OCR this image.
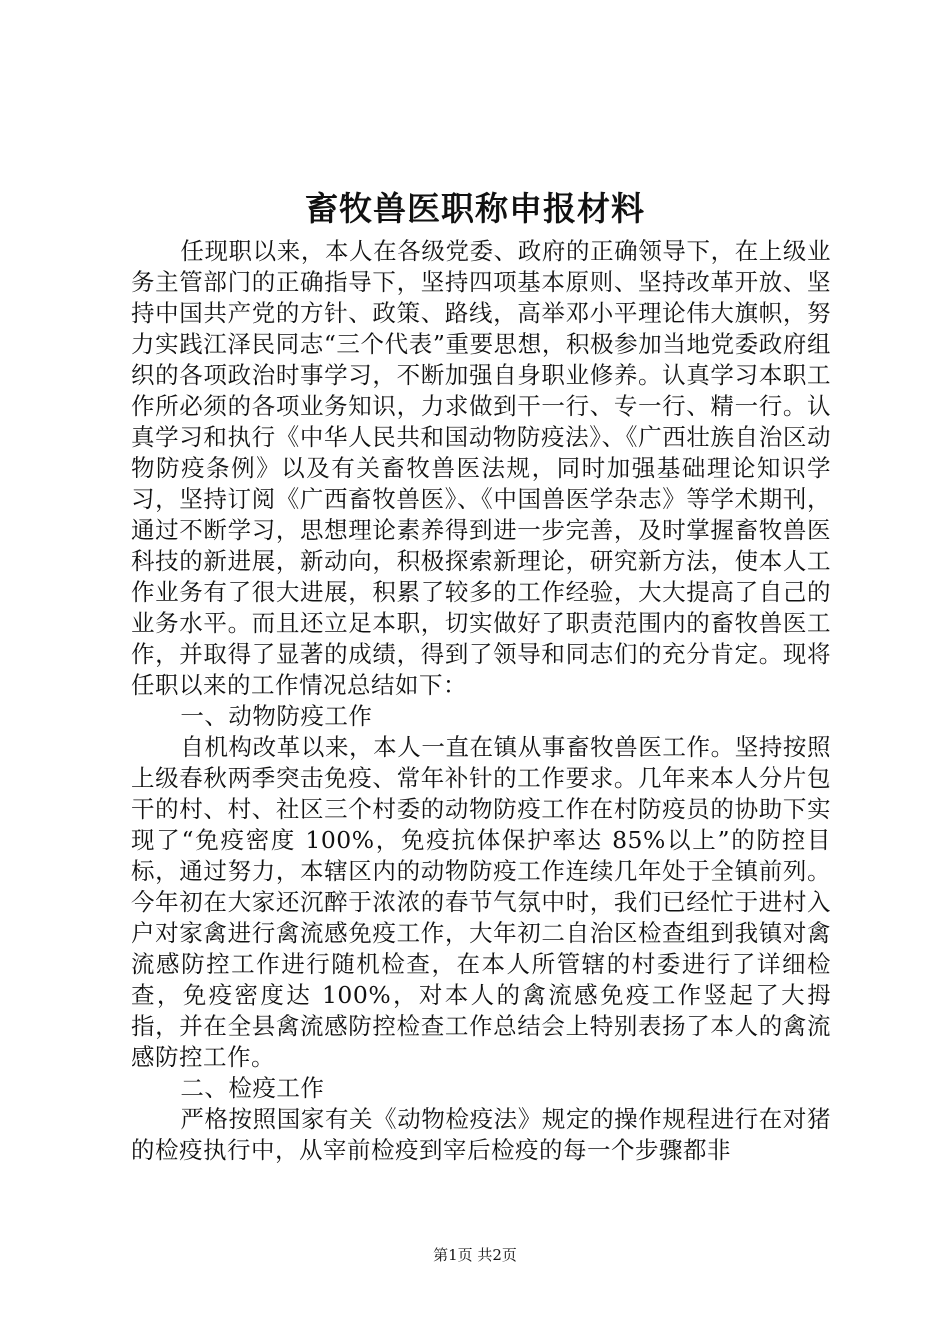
畜牧兽医职称申报材料

任现职以来，本人在各级党委、政府的正确领导下，在上级业务主管部门的正确指导下，坚持四项基本原则、坚持改革开放、坚持中国共产党的方针、政策、路线，高举邓小平理论伟大旗帜，努力实践江泽民同志“三个代表”重要思想，积极参加当地党委政府组织的各项政治时事学习，不断加强自身职业修养。认真学习本职工作所必须的各项业务知识，力求做到干一行、专一行、精一行。认真学习和执行《中华人民共和国动物防疫法》、《广西壮族自治区动物防疫条例》以及有关畜牧兽医法规，同时加强基础理论知识学习，坚持订阅《广西畜牧兽医》、《中国兽医学杂志》等学术期刊，通过不断学习，思想理论素养得到进一步完善，及时掌握畜牧兽医科技的新进展，新动向，积极探索新理论，研究新方法，使本人工作业务有了很大进展，积累了较多的工作经验，大大提高了自己的业务水平。而且还立足本职，切实做好了职责范围内的畜牧兽医工作，并取得了显著的成绩，得到了领导和同志们的充分肯定。现将任职以来的工作情况总结如下：

一、动物防疫工作

自机构改革以来，本人一直在镇从事畜牧兽医工作。坚持按照上级春秋两季突击免疫、常年补针的工作要求。几年来本人分片包干的村、村、社区三个村委的动物防疫工作在村防疫员的协助下实现了“免疫密度 100%，免疫抗体保护率达 85%以上”的防控目标，通过努力，本辖区内的动物防疫工作连续几年处于全镇前列。今年初在大家还沉醉于浓浓的春节气氛中时，我们已经忙于进村入户对家禽进行禽流感免疫工作，大年初二自治区检查组到我镇对禽流感防控工作进行随机检查，在本人所管辖的村委进行了详细检查，免疫密度达 100%，对本人的禽流感免疫工作竖起了大拇指，并在全县禽流感防控检查工作总结会上特别表扬了本人的禽流感防控工作。

二、检疫工作

严格按照国家有关《动物检疫法》规定的操作规程进行在对猪的检疫执行中，从宰前检疫到宰后检疫的每一个步骤都非

第1页 共2页
